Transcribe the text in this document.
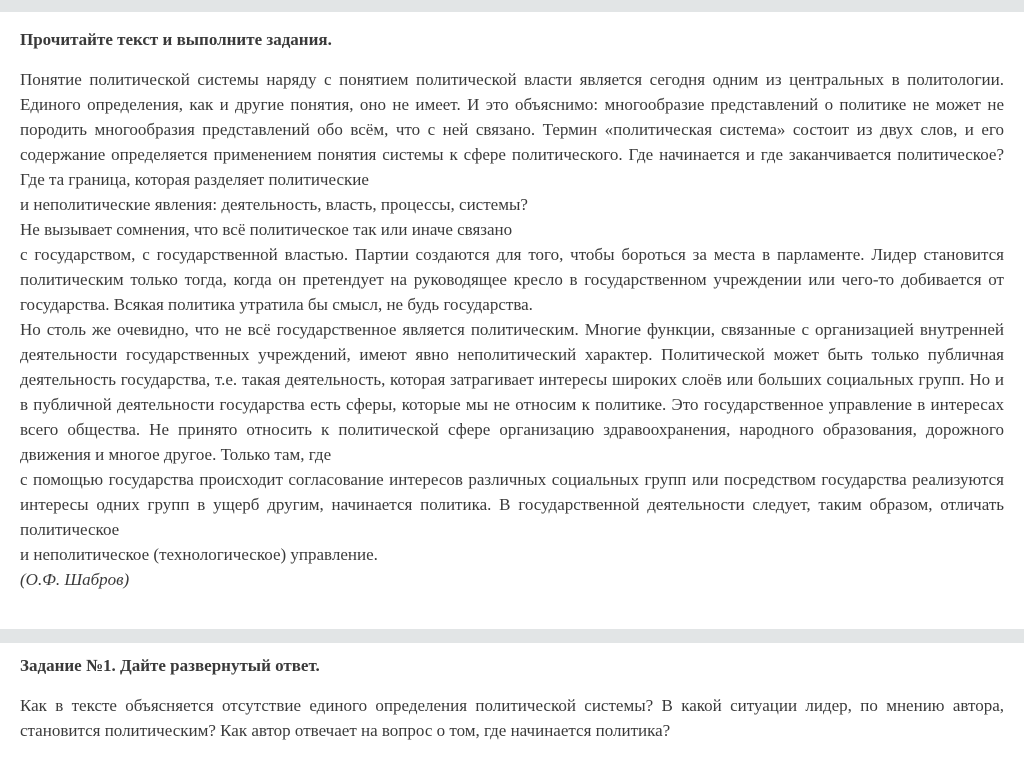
Прочитайте текст и выполните задания.

Понятие политической системы наряду с понятием политической власти является сегодня одним из центральных в политологии. Единого определения, как и другие понятия, оно не имеет. И это объяснимо: многообразие представлений о политике не может не породить многообразия представлений обо всём, что с ней связано. Термин «политическая система» состоит из двух слов, и его содержание определяется применением понятия системы к сфере политического. Где начинается и где заканчивается политическое? Где та граница, которая разделяет политические
и неполитические явления: деятельность, власть, процессы, системы?
Не вызывает сомнения, что всё политическое так или иначе связано
с государством, с государственной властью. Партии создаются для того, чтобы бороться за места в парламенте. Лидер становится политическим только тогда, когда он претендует на руководящее кресло в государственном учреждении или чего-то добивается от государства. Всякая политика утратила бы смысл, не будь государства.
Но столь же очевидно, что не всё государственное является политическим. Многие функции, связанные с организацией внутренней деятельности государственных учреждений, имеют явно неполитический характер. Политической может быть только публичная деятельность государства, т.е. такая деятельность, которая затрагивает интересы широких слоёв или больших социальных групп. Но и в публичной деятельности государства есть сферы, которые мы не относим к политике. Это государственное управление в интересах всего общества. Не принято относить к политической сфере организацию здравоохранения, народного образования, дорожного движения и многое другое. Только там, где
с помощью государства происходит согласование интересов различных социальных групп или посредством государства реализуются интересы одних групп в ущерб другим, начинается политика. В государственной деятельности следует, таким образом, отличать политическое
и неполитическое (технологическое) управление.
(О.Ф. Шабров)

Задание №1. Дайте развернутый ответ.

Как в тексте объясняется отсутствие единого определения политической системы? В какой ситуации лидер, по мнению автора, становится политическим? Как автор отвечает на вопрос о том, где начинается политика?
